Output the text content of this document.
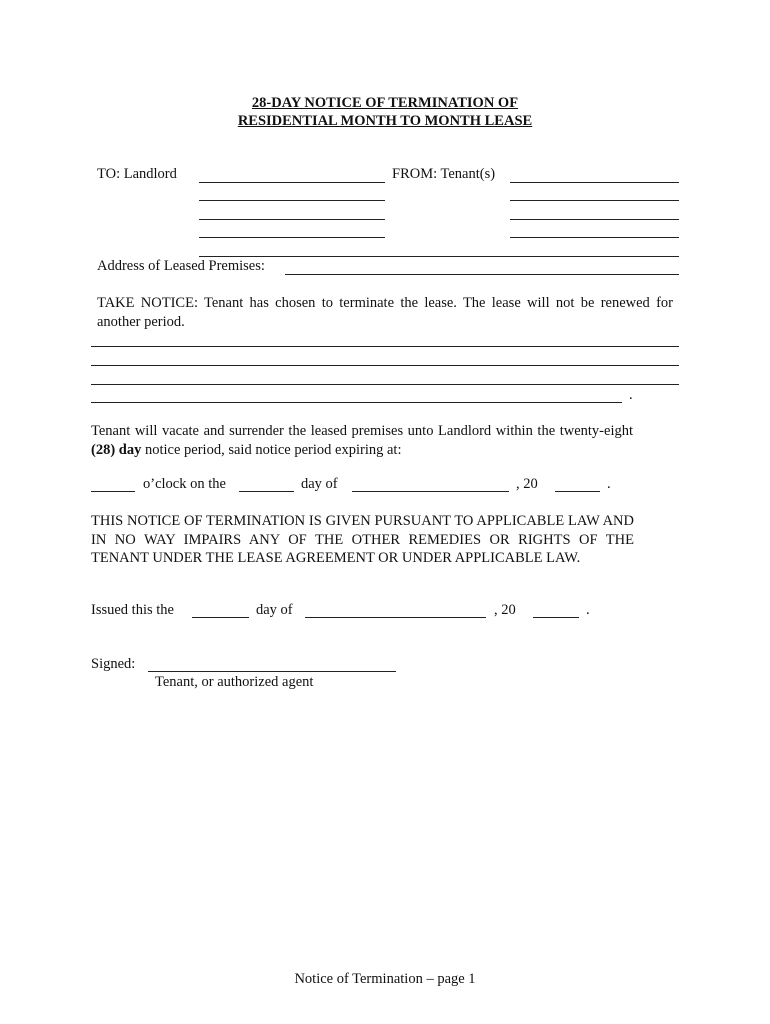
28-DAY NOTICE OF TERMINATION OF
RESIDENTIAL MONTH TO MONTH LEASE
TO: Landlord	FROM: Tenant(s)
Address of Leased Premises:
TAKE NOTICE: Tenant has chosen to terminate the lease. The lease will not be renewed for another period.
.
Tenant will vacate and surrender the leased premises unto Landlord within the twenty-eight (28) day notice period, said notice period expiring at:
o’clock on the	day of	, 20	.
THIS NOTICE OF TERMINATION IS GIVEN PURSUANT TO APPLICABLE LAW AND IN NO WAY IMPAIRS ANY OF THE OTHER REMEDIES OR RIGHTS OF THE TENANT UNDER THE LEASE AGREEMENT OR UNDER APPLICABLE LAW.
Issued this the	day of	, 20	.
Signed:
Tenant, or authorized agent
Notice of Termination – page 1
